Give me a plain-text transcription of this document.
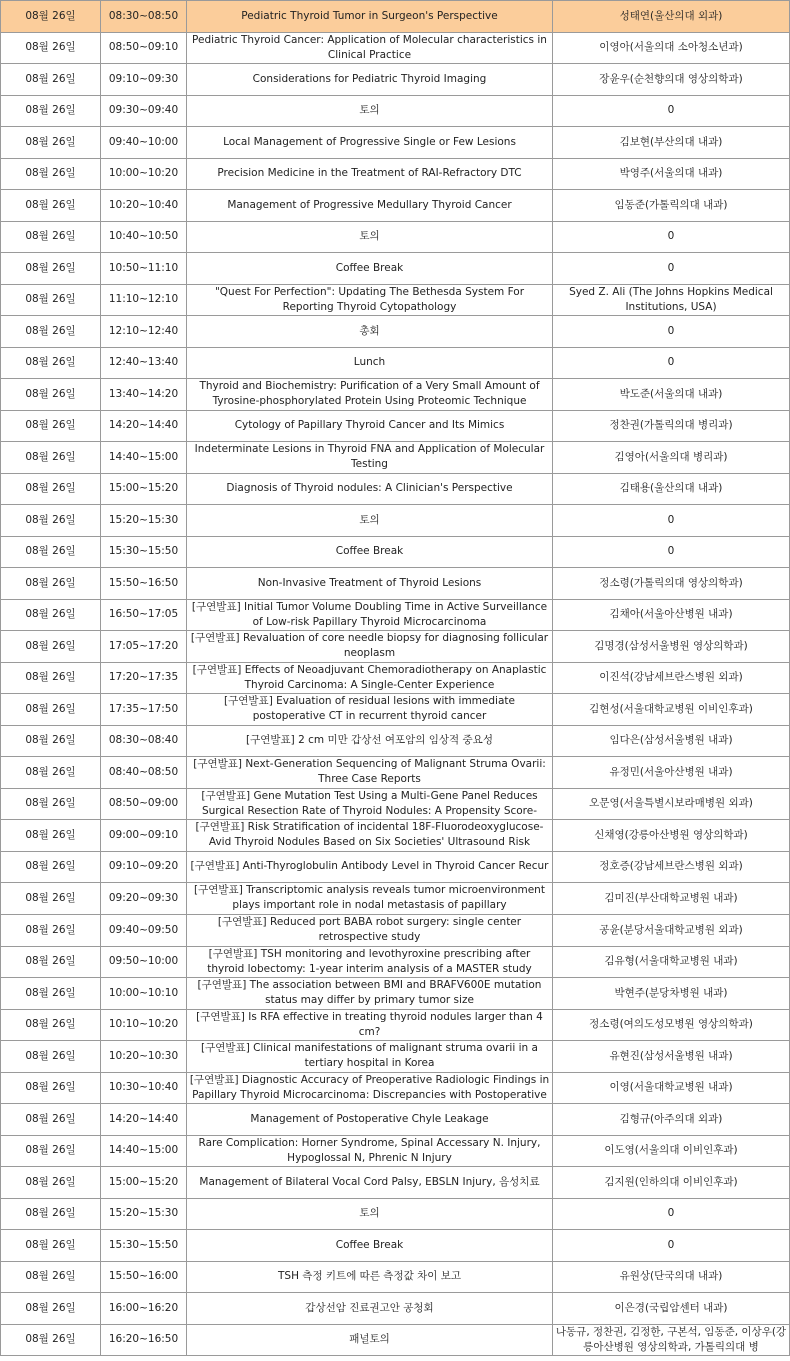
08월 26일	08:30~08:50	Pediatric Thyroid Tumor in Surgeon's Perspective	성태연(울산의대 외과)

08월 26일	08:50~09:10	Pediatric Thyroid Cancer: Application of Molecular characteristics in Clinical Practice	이영아(서울의대 소아청소년과)

08월 26일	09:10~09:30	Considerations for Pediatric Thyroid Imaging	장윤우(순천향의대 영상의학과)

08월 26일	09:30~09:40	토의	0

08월 26일	09:40~10:00	Local Management of Progressive Single or Few Lesions	김보현(부산의대 내과)

08월 26일	10:00~10:20	Precision Medicine in the Treatment of RAI-Refractory DTC	박영주(서울의대 내과)

08월 26일	10:20~10:40	Management of Progressive Medullary Thyroid Cancer	임동준(가톨릭의대 내과)

08월 26일	10:40~10:50	토의	0

08월 26일	10:50~11:10	Coffee Break	0

08월 26일	11:10~12:10	"Quest For Perfection": Updating The Bethesda System For Reporting Thyroid Cytopathology	Syed Z. Ali (The Johns Hopkins Medical Institutions, USA)

08월 26일	12:10~12:40	총회	0

08월 26일	12:40~13:40	Lunch	0

08월 26일	13:40~14:20	Thyroid and Biochemistry: Purification of a Very Small Amount of Tyrosine-phosphorylated Protein Using Proteomic Technique	박도준(서울의대 내과)

08월 26일	14:20~14:40	Cytology of Papillary Thyroid Cancer and Its Mimics	정찬권(가톨릭의대 병리과)

08월 26일	14:40~15:00	Indeterminate Lesions in Thyroid FNA and Application of Molecular Testing	김영아(서울의대 병리과)

08월 26일	15:00~15:20	Diagnosis of Thyroid nodules: A Clinician's Perspective	김태용(울산의대 내과)

08월 26일	15:20~15:30	토의	0

08월 26일	15:30~15:50	Coffee Break	0

08월 26일	15:50~16:50	Non-Invasive Treatment of Thyroid Lesions	정소령(가톨릭의대 영상의학과)

08월 26일	16:50~17:05	[구연발표] Initial Tumor Volume Doubling Time in Active Surveillance of Low-risk Papillary Thyroid Microcarcinoma	김채아(서울아산병원 내과)

08월 26일	17:05~17:20	[구연발표] Revaluation of core needle biopsy for diagnosing follicular neoplasm	김명경(삼성서울병원 영상의학과)

08월 26일	17:20~17:35	[구연발표] Effects of Neoadjuvant Chemoradiotherapy on Anaplastic Thyroid Carcinoma: A Single-Center Experience	이진석(강남세브란스병원 외과)

08월 26일	17:35~17:50	[구연발표] Evaluation of residual lesions with immediate postoperative CT in recurrent thyroid cancer	김현성(서울대학교병원 이비인후과)

08월 26일	08:30~08:40	[구연발표] 2 cm 미만 갑상선 여포암의 임상적 중요성	임다은(삼성서울병원 내과)

08월 26일	08:40~08:50	[구연발표] Next-Generation Sequencing of Malignant Struma Ovarii: Three Case Reports	유정민(서울아산병원 내과)

08월 26일	08:50~09:00	[구연발표] Gene Mutation Test Using a Multi-Gene Panel Reduces Surgical Resection Rate of Thyroid Nodules: A Propensity Score-	오문영(서울특별시보라매병원 외과)

08월 26일	09:00~09:10	[구연발표] Risk Stratification of incidental 18F-Fluorodeoxyglucose-Avid Thyroid Nodules Based on Six Societies' Ultrasound Risk	신채영(강릉아산병원 영상의학과)

08월 26일	09:10~09:20	[구연발표] Anti-Thyroglobulin Antibody Level in Thyroid Cancer Recur	정호증(강남세브란스병원 외과)

08월 26일	09:20~09:30	[구연발표] Transcriptomic analysis reveals tumor microenvironment plays important role in nodal metastasis of papillary	김미진(부산대학교병원 내과)

08월 26일	09:40~09:50	[구연발표] Reduced port BABA robot surgery: single center retrospective study	공윤(분당서울대학교병원 외과)

08월 26일	09:50~10:00	[구연발표] TSH monitoring and levothyroxine prescribing after thyroid lobectomy: 1-year interim analysis of a MASTER study	김유형(서울대학교병원 내과)

08월 26일	10:00~10:10	[구연발표] The association between BMI and BRAFV600E mutation status may differ by primary tumor size	박현주(분당차병원 내과)

08월 26일	10:10~10:20	[구연발표] Is RFA effective in treating thyroid nodules larger than 4 cm?	정소령(여의도성모병원 영상의학과)

08월 26일	10:20~10:30	[구연발표] Clinical manifestations of malignant struma ovarii in a tertiary hospital in Korea	유현진(삼성서울병원 내과)

08월 26일	10:30~10:40	[구연발표] Diagnostic Accuracy of Preoperative Radiologic Findings in Papillary Thyroid Microcarcinoma: Discrepancies with Postoperative	이영(서울대학교병원 내과)

08월 26일	14:20~14:40	Management of Postoperative Chyle Leakage	김형규(아주의대 외과)

08월 26일	14:40~15:00	Rare Complication: Horner Syndrome, Spinal Accessary N. Injury, Hypoglossal N, Phrenic N Injury	이도영(서울의대 이비인후과)

08월 26일	15:00~15:20	Management of Bilateral Vocal Cord Palsy, EBSLN Injury, 음성치료	김지원(인하의대 이비인후과)

08월 26일	15:20~15:30	토의	0

08월 26일	15:30~15:50	Coffee Break	0

08월 26일	15:50~16:00	TSH 측정 키트에 따른 측정값 차이 보고	유원상(단국의대 내과)

08월 26일	16:00~16:20	갑상선암 진료권고안 공청회	이은경(국립암센터 내과)

08월 26일	16:20~16:50	패널토의	나동규, 정찬권, 김정한, 구본석, 임동준, 이상우(강릉아산병원 영상의학과, 가톨릭의대 병
